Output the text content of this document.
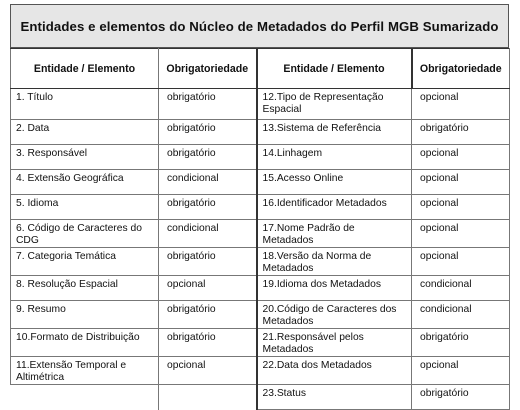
Entidades e elementos do Núcleo de Metadados do Perfil MGB Sumarizado
Entidade / Elemento	Obrigatoriedade	Entidade / Elemento	Obrigatoriedade
1. Título	obrigatório	12.Tipo de Representação Espacial	opcional
2. Data	obrigatório	13.Sistema de Referência	obrigatório
3. Responsável	obrigatório	14.Linhagem	opcional
4. Extensão Geográfica	condicional	15.Acesso Online	opcional
5. Idioma	obrigatório	16.Identificador Metadados	opcional
6. Código de Caracteres do CDG	condicional	17.Nome Padrão de Metadados	opcional
7. Categoria Temática	obrigatório	18.Versão da Norma de Metadados	opcional
8. Resolução Espacial	opcional	19.Idioma dos Metadados	condicional
9. Resumo	obrigatório	20.Código de Caracteres dos Metadados	condicional
10.Formato de Distribuição	obrigatório	21.Responsável pelos Metadados	obrigatório
11.Extensão Temporal e Altimétrica	opcional	22.Data dos Metadados	opcional
		23.Status	obrigatório
